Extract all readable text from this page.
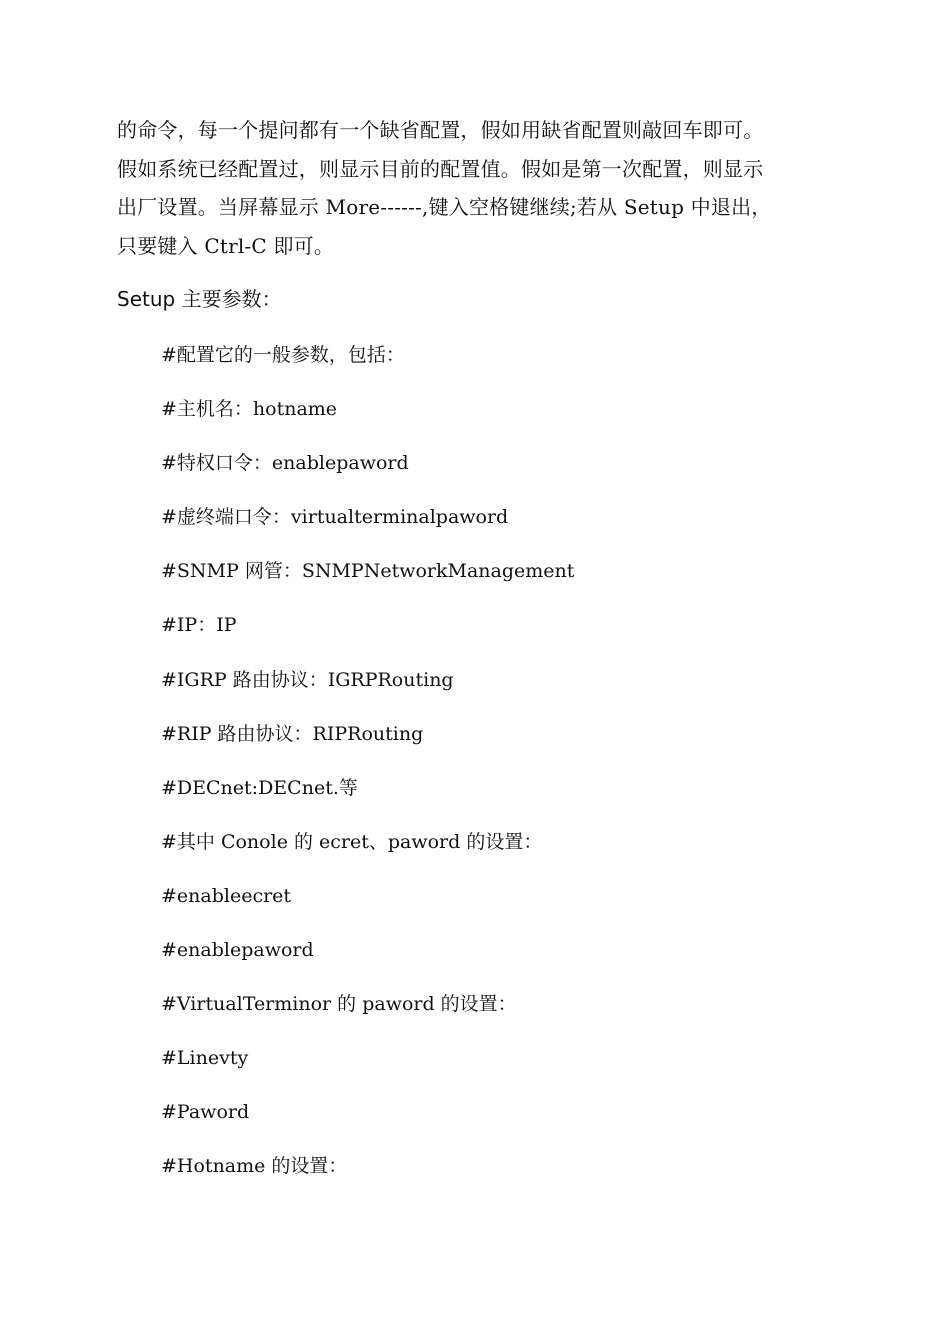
的命令，每一个提问都有一个缺省配置，假如用缺省配置则敲回车即可。
假如系统已经配置过，则显示目前的配置值。假如是第一次配置，则显示
出厂设置。当屏幕显示 More------,键入空格键继续;若从 Setup 中退出，
只要键入 Ctrl-C 即可。
Setup 主要参数：
#配置它的一般参数，包括：
#主机名：hotname
#特权口令：enablepaword
#虚终端口令：virtualterminalpaword
#SNMP 网管：SNMPNetworkManagement
#IP：IP
#IGRP 路由协议：IGRPRouting
#RIP 路由协议：RIPRouting
#DECnet:DECnet.等
#其中 Conole 的 ecret、paword 的设置：
#enableecret
#enablepaword
#VirtualTerminor 的 paword 的设置：
#Linevty
#Paword
#Hotname 的设置：
